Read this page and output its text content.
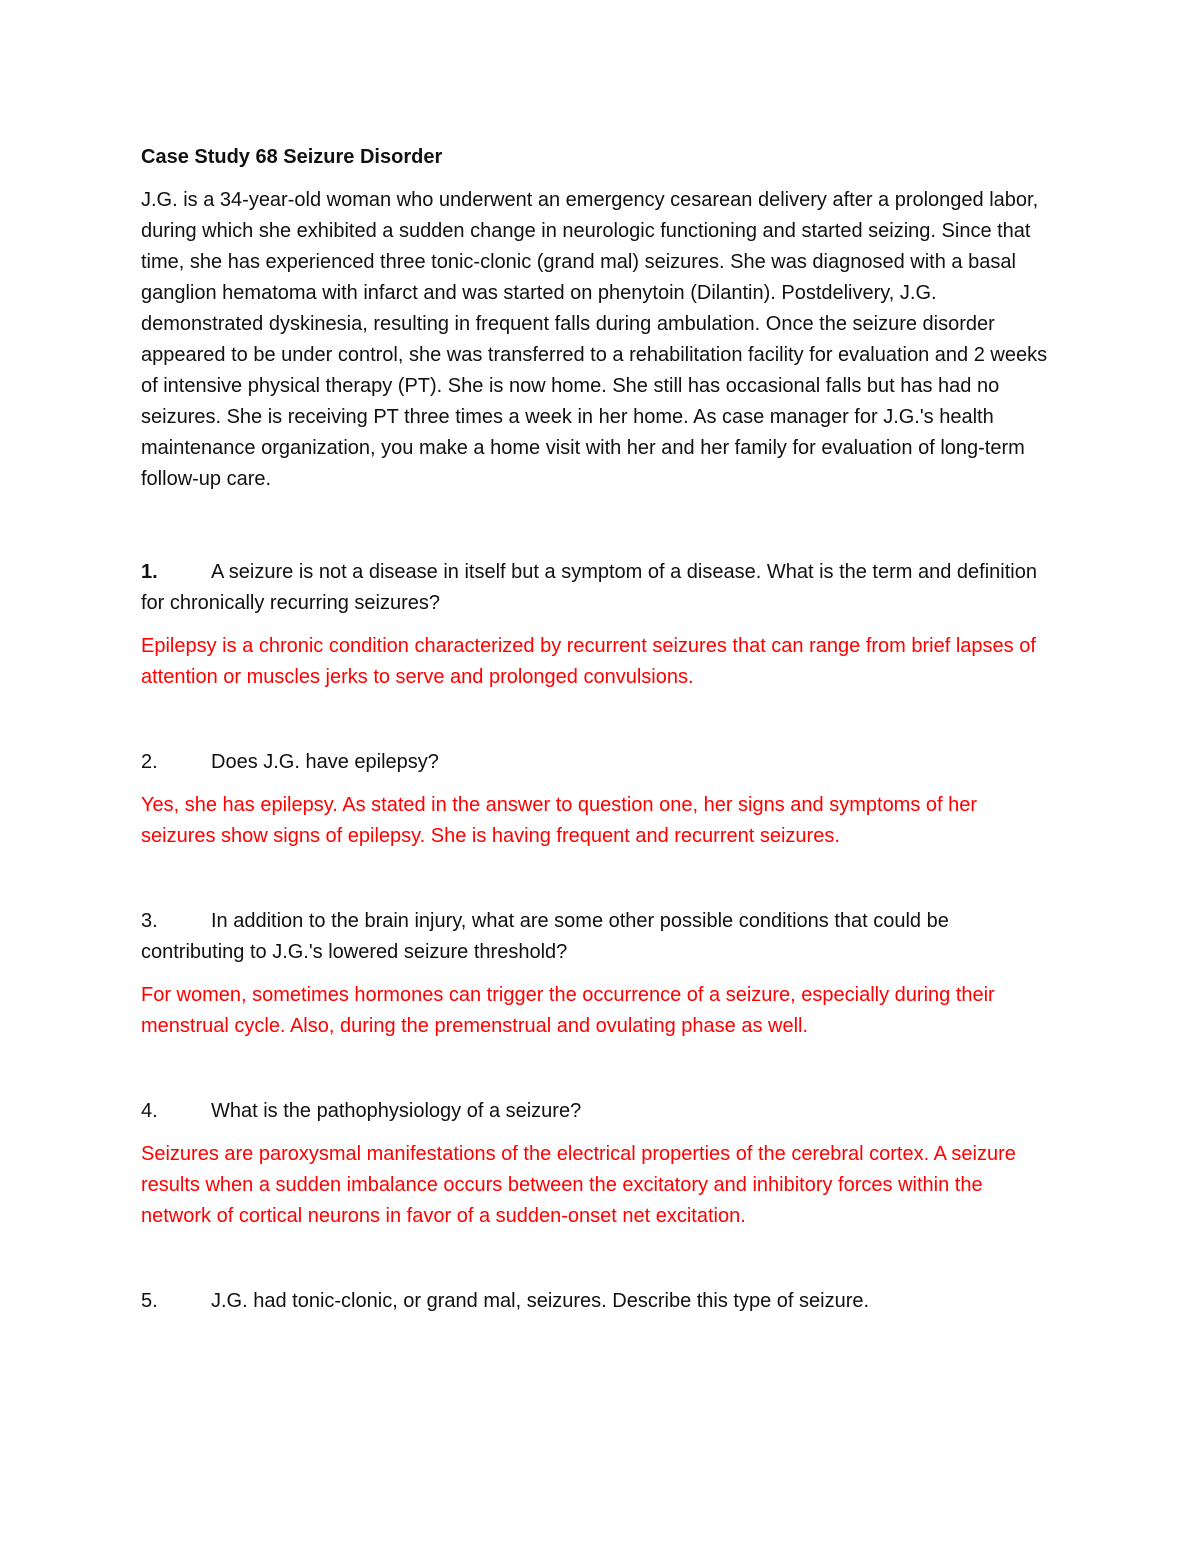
Case Study 68 Seizure Disorder

J.G. is a 34-year-old woman who underwent an emergency cesarean delivery after a prolonged labor, during which she exhibited a sudden change in neurologic functioning and started seizing. Since that time, she has experienced three tonic-clonic (grand mal) seizures. She was diagnosed with a basal ganglion hematoma with infarct and was started on phenytoin (Dilantin). Postdelivery, J.G. demonstrated dyskinesia, resulting in frequent falls during ambulation. Once the seizure disorder appeared to be under control, she was transferred to a rehabilitation facility for evaluation and 2 weeks of intensive physical therapy (PT). She is now home. She still has occasional falls but has had no seizures. She is receiving PT three times a week in her home. As case manager for J.G.'s health maintenance organization, you make a home visit with her and her family for evaluation of long-term follow-up care.

1.	A seizure is not a disease in itself but a symptom of a disease. What is the term and definition for chronically recurring seizures?

Epilepsy is a chronic condition characterized by recurrent seizures that can range from brief lapses of attention or muscles jerks to serve and prolonged convulsions.

2.	Does J.G. have epilepsy?

Yes, she has epilepsy. As stated in the answer to question one, her signs and symptoms of her seizures show signs of epilepsy. She is having frequent and recurrent seizures.

3.	In addition to the brain injury, what are some other possible conditions that could be contributing to J.G.'s lowered seizure threshold?

For women, sometimes hormones can trigger the occurrence of a seizure, especially during their menstrual cycle. Also, during the premenstrual and ovulating phase as well.

4.	What is the pathophysiology of a seizure?

Seizures are paroxysmal manifestations of the electrical properties of the cerebral cortex. A seizure results when a sudden imbalance occurs between the excitatory and inhibitory forces within the network of cortical neurons in favor of a sudden-onset net excitation.

5.	J.G. had tonic-clonic, or grand mal, seizures. Describe this type of seizure.
